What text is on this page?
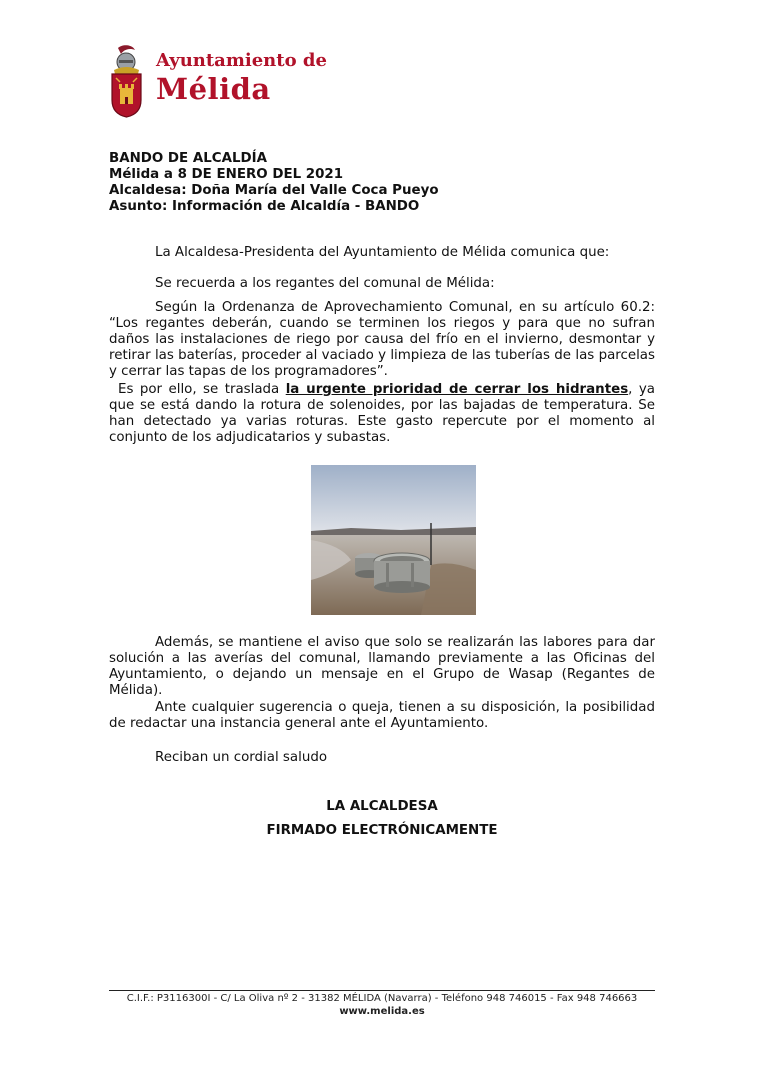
Ayuntamiento de
Mélida
BANDO DE ALCALDÍA
Mélida a 8 DE ENERO DEL 2021
Alcaldesa: Doña María del Valle Coca Pueyo
Asunto: Información de Alcaldía - BANDO
La Alcaldesa-Presidenta del Ayuntamiento de Mélida comunica que:
Se recuerda a los regantes del comunal de Mélida:
Según la Ordenanza de Aprovechamiento Comunal, en su artículo 60.2: “Los regantes deberán, cuando se terminen los riegos y para que no sufran daños las instalaciones de riego por causa del frío en el invierno, desmontar y retirar las baterías, proceder al vaciado y limpieza de las tuberías de las parcelas y cerrar las tapas de los programadores”.
Es por ello, se traslada la urgente prioridad de cerrar los hidrantes, ya que se está dando la rotura de solenoides, por las bajadas de temperatura. Se han detectado ya varias roturas. Este gasto repercute por el momento al conjunto de los adjudicatarios y subastas.
Además, se mantiene el aviso que solo se realizarán las labores para dar solución a las averías del comunal, llamando previamente a las Oficinas del Ayuntamiento, o dejando un mensaje en el Grupo de Wasap (Regantes de Mélida).
Ante cualquier sugerencia o queja, tienen a su disposición, la posibilidad de redactar una instancia general ante el Ayuntamiento.
Reciban un cordial saludo
LA ALCALDESA
FIRMADO ELECTRÓNICAMENTE
C.I.F.: P3116300I - C/ La Oliva nº 2 - 31382 MÉLIDA (Navarra) - Teléfono 948 746015 - Fax 948 746663
www.melida.es
